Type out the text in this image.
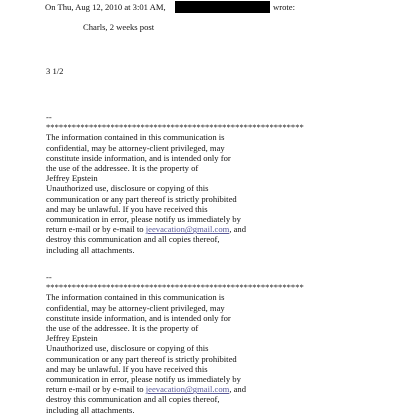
On Thu, Aug 12, 2010 at 3:01 AM,	wrote:
Charls, 2 weeks post
3 1/2
--
************************************************************
The information contained in this communication is
confidential, may be attorney-client privileged, may
constitute inside information, and is intended only for
the use of the addressee. It is the property of
Jeffrey Epstein
Unauthorized use, disclosure or copying of this
communication or any part thereof is strictly prohibited
and may be unlawful. If you have received this
communication in error, please notify us immediately by
return e-mail or by e-mail to jeevacation@gmail.com, and
destroy this communication and all copies thereof,
including all attachments.
--
************************************************************
The information contained in this communication is
confidential, may be attorney-client privileged, may
constitute inside information, and is intended only for
the use of the addressee. It is the property of
Jeffrey Epstein
Unauthorized use, disclosure or copying of this
communication or any part thereof is strictly prohibited
and may be unlawful. If you have received this
communication in error, please notify us immediately by
return e-mail or by e-mail to jeevacation@gmail.com, and
destroy this communication and all copies thereof,
including all attachments.
